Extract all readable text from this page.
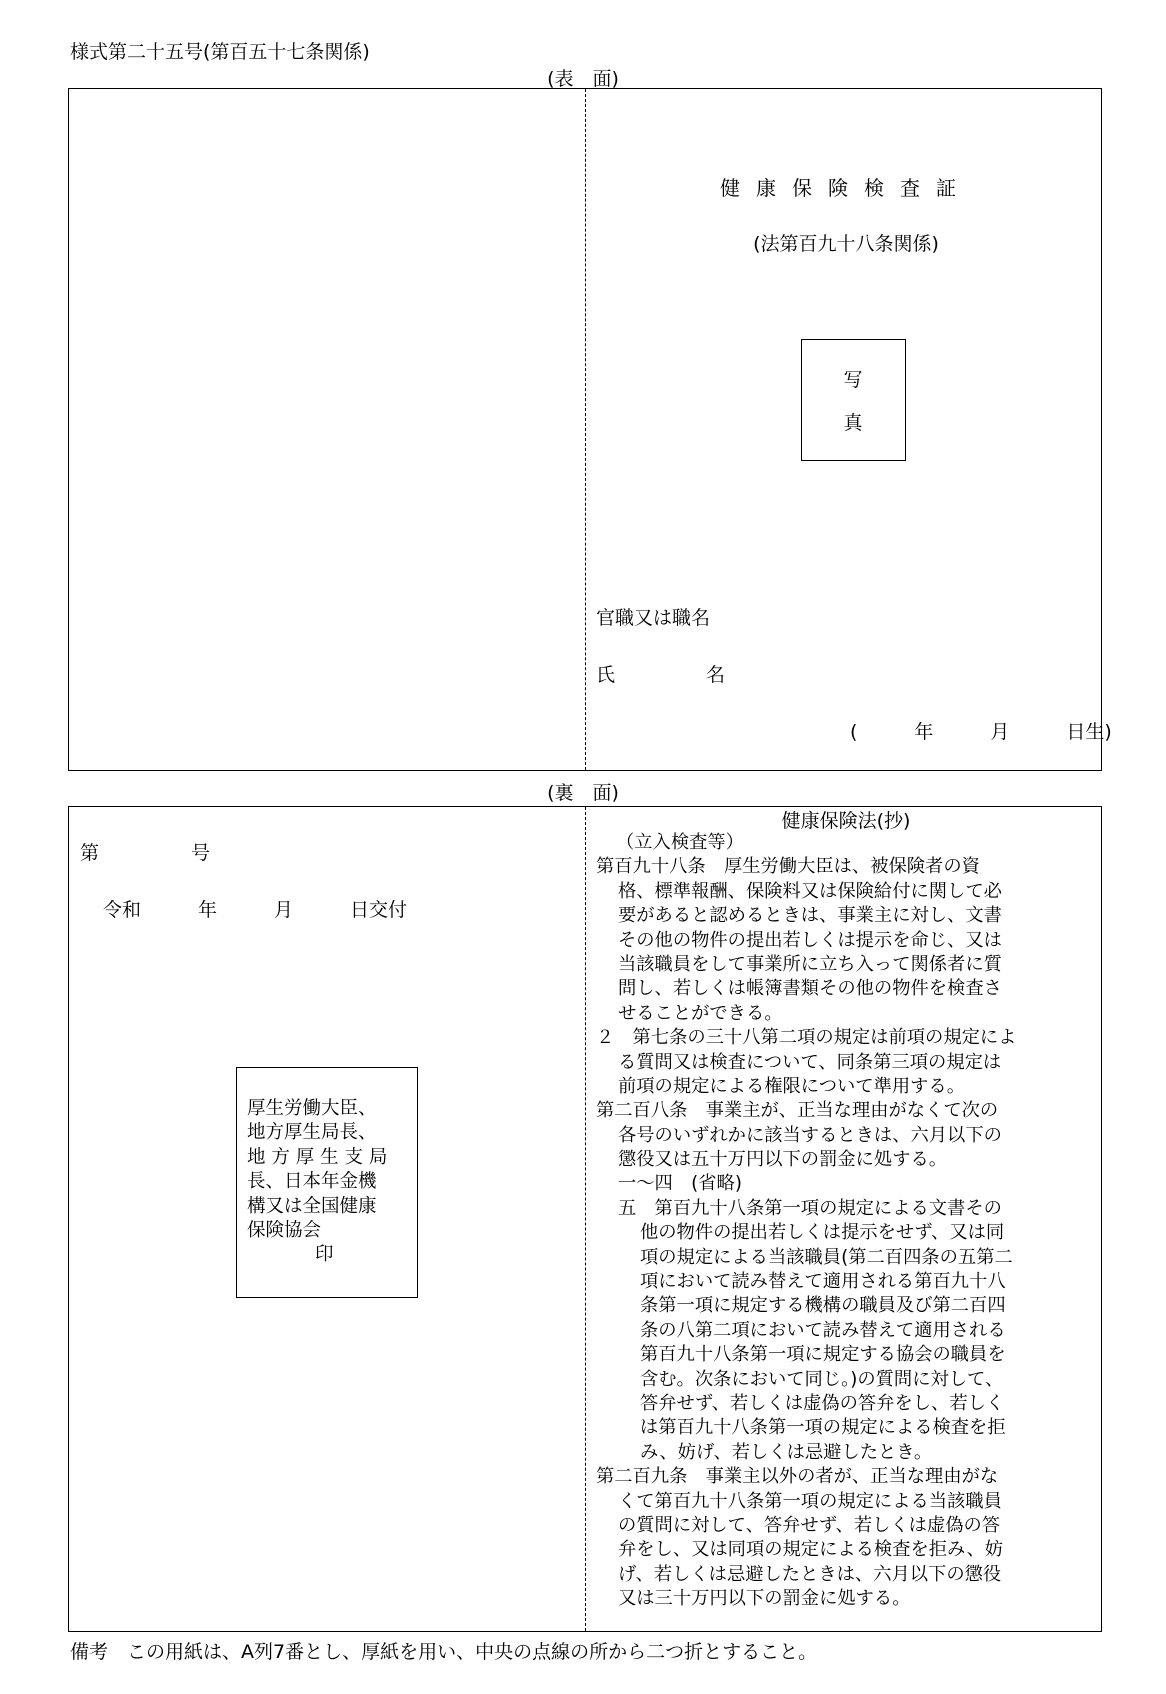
様式第二十五号(第百五十七条関係)
(表　面)
健康保険検査証
(法第百九十八条関係)
写
真
官職又は職名
氏	名
(　　　年　　　月　　　日生)
(裏　面)
第	号
令和　　　年　　　月　　　日交付
厚生労働大臣、
地方厚生局長、
地 方 厚 生 支 局
長、日本年金機
構又は全国健康
保険協会
印
健康保険法(抄)
（立入検査等）
第百九十八条　厚生労働大臣は、被保険者の資
格、標準報酬、保険料又は保険給付に関して必
要があると認めるときは、事業主に対し、文書
その他の物件の提出若しくは提示を命じ、又は
当該職員をして事業所に立ち入って関係者に質
問し、若しくは帳簿書類その他の物件を検査さ
せることができる。
２　第七条の三十八第二項の規定は前項の規定によ
る質問又は検査について、同条第三項の規定は
前項の規定による権限について準用する。
第二百八条　事業主が、正当な理由がなくて次の
各号のいずれかに該当するときは、六月以下の
懲役又は五十万円以下の罰金に処する。
一～四　(省略)
五　第百九十八条第一項の規定による文書その
他の物件の提出若しくは提示をせず、又は同
項の規定による当該職員(第二百四条の五第二
項において読み替えて適用される第百九十八
条第一項に規定する機構の職員及び第二百四
条の八第二項において読み替えて適用される
第百九十八条第一項に規定する協会の職員を
含む。次条において同じ。)の質問に対して、
答弁せず、若しくは虚偽の答弁をし、若しく
は第百九十八条第一項の規定による検査を拒
み、妨げ、若しくは忌避したとき。
第二百九条　事業主以外の者が、正当な理由がな
くて第百九十八条第一項の規定による当該職員
の質問に対して、答弁せず、若しくは虚偽の答
弁をし、又は同項の規定による検査を拒み、妨
げ、若しくは忌避したときは、六月以下の懲役
又は三十万円以下の罰金に処する。
備考　この用紙は、A列7番とし、厚紙を用い、中央の点線の所から二つ折とすること。
